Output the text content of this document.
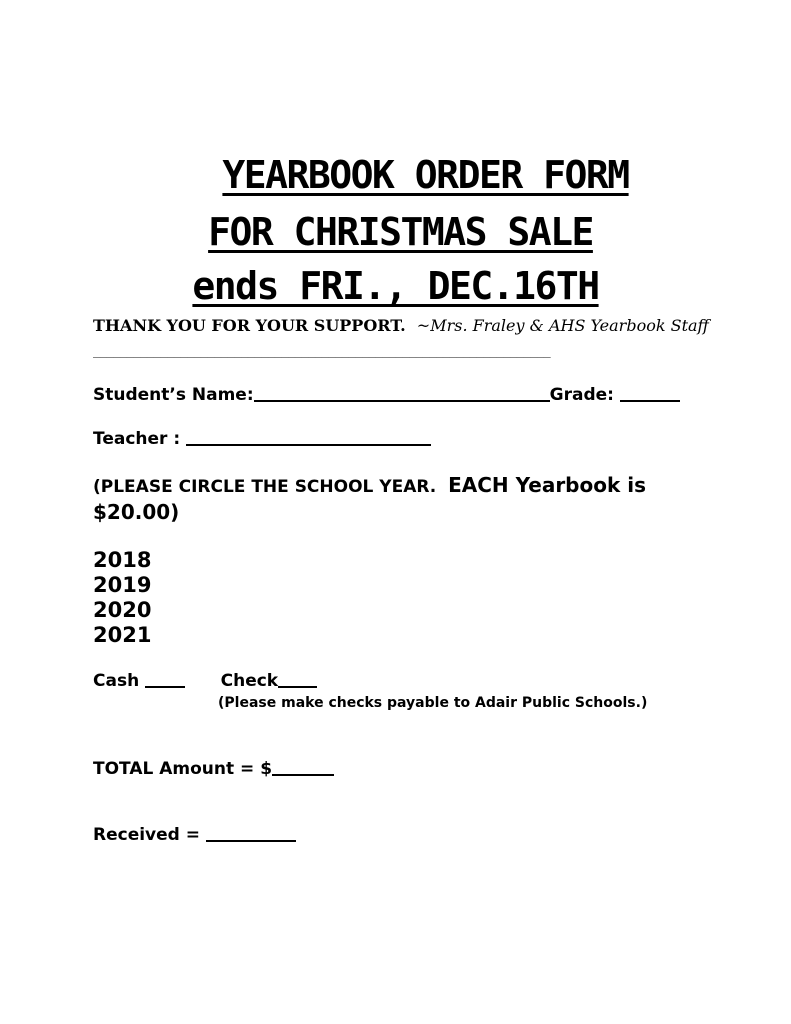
YEARBOOK ORDER FORM
FOR CHRISTMAS SALE
ends FRI., DEC.16TH
THANK YOU FOR YOUR SUPPORT. ~Mrs. Fraley & AHS Yearbook Staff
____________________________________________________________________
Student’s Name:	Grade:
Teacher :
(PLEASE CIRCLE THE SCHOOL YEAR. EACH Yearbook is $20.00)
2018
2019
2020
2021
Cash	Check
(Please make checks payable to Adair Public Schools.)
TOTAL Amount = $
Received =
